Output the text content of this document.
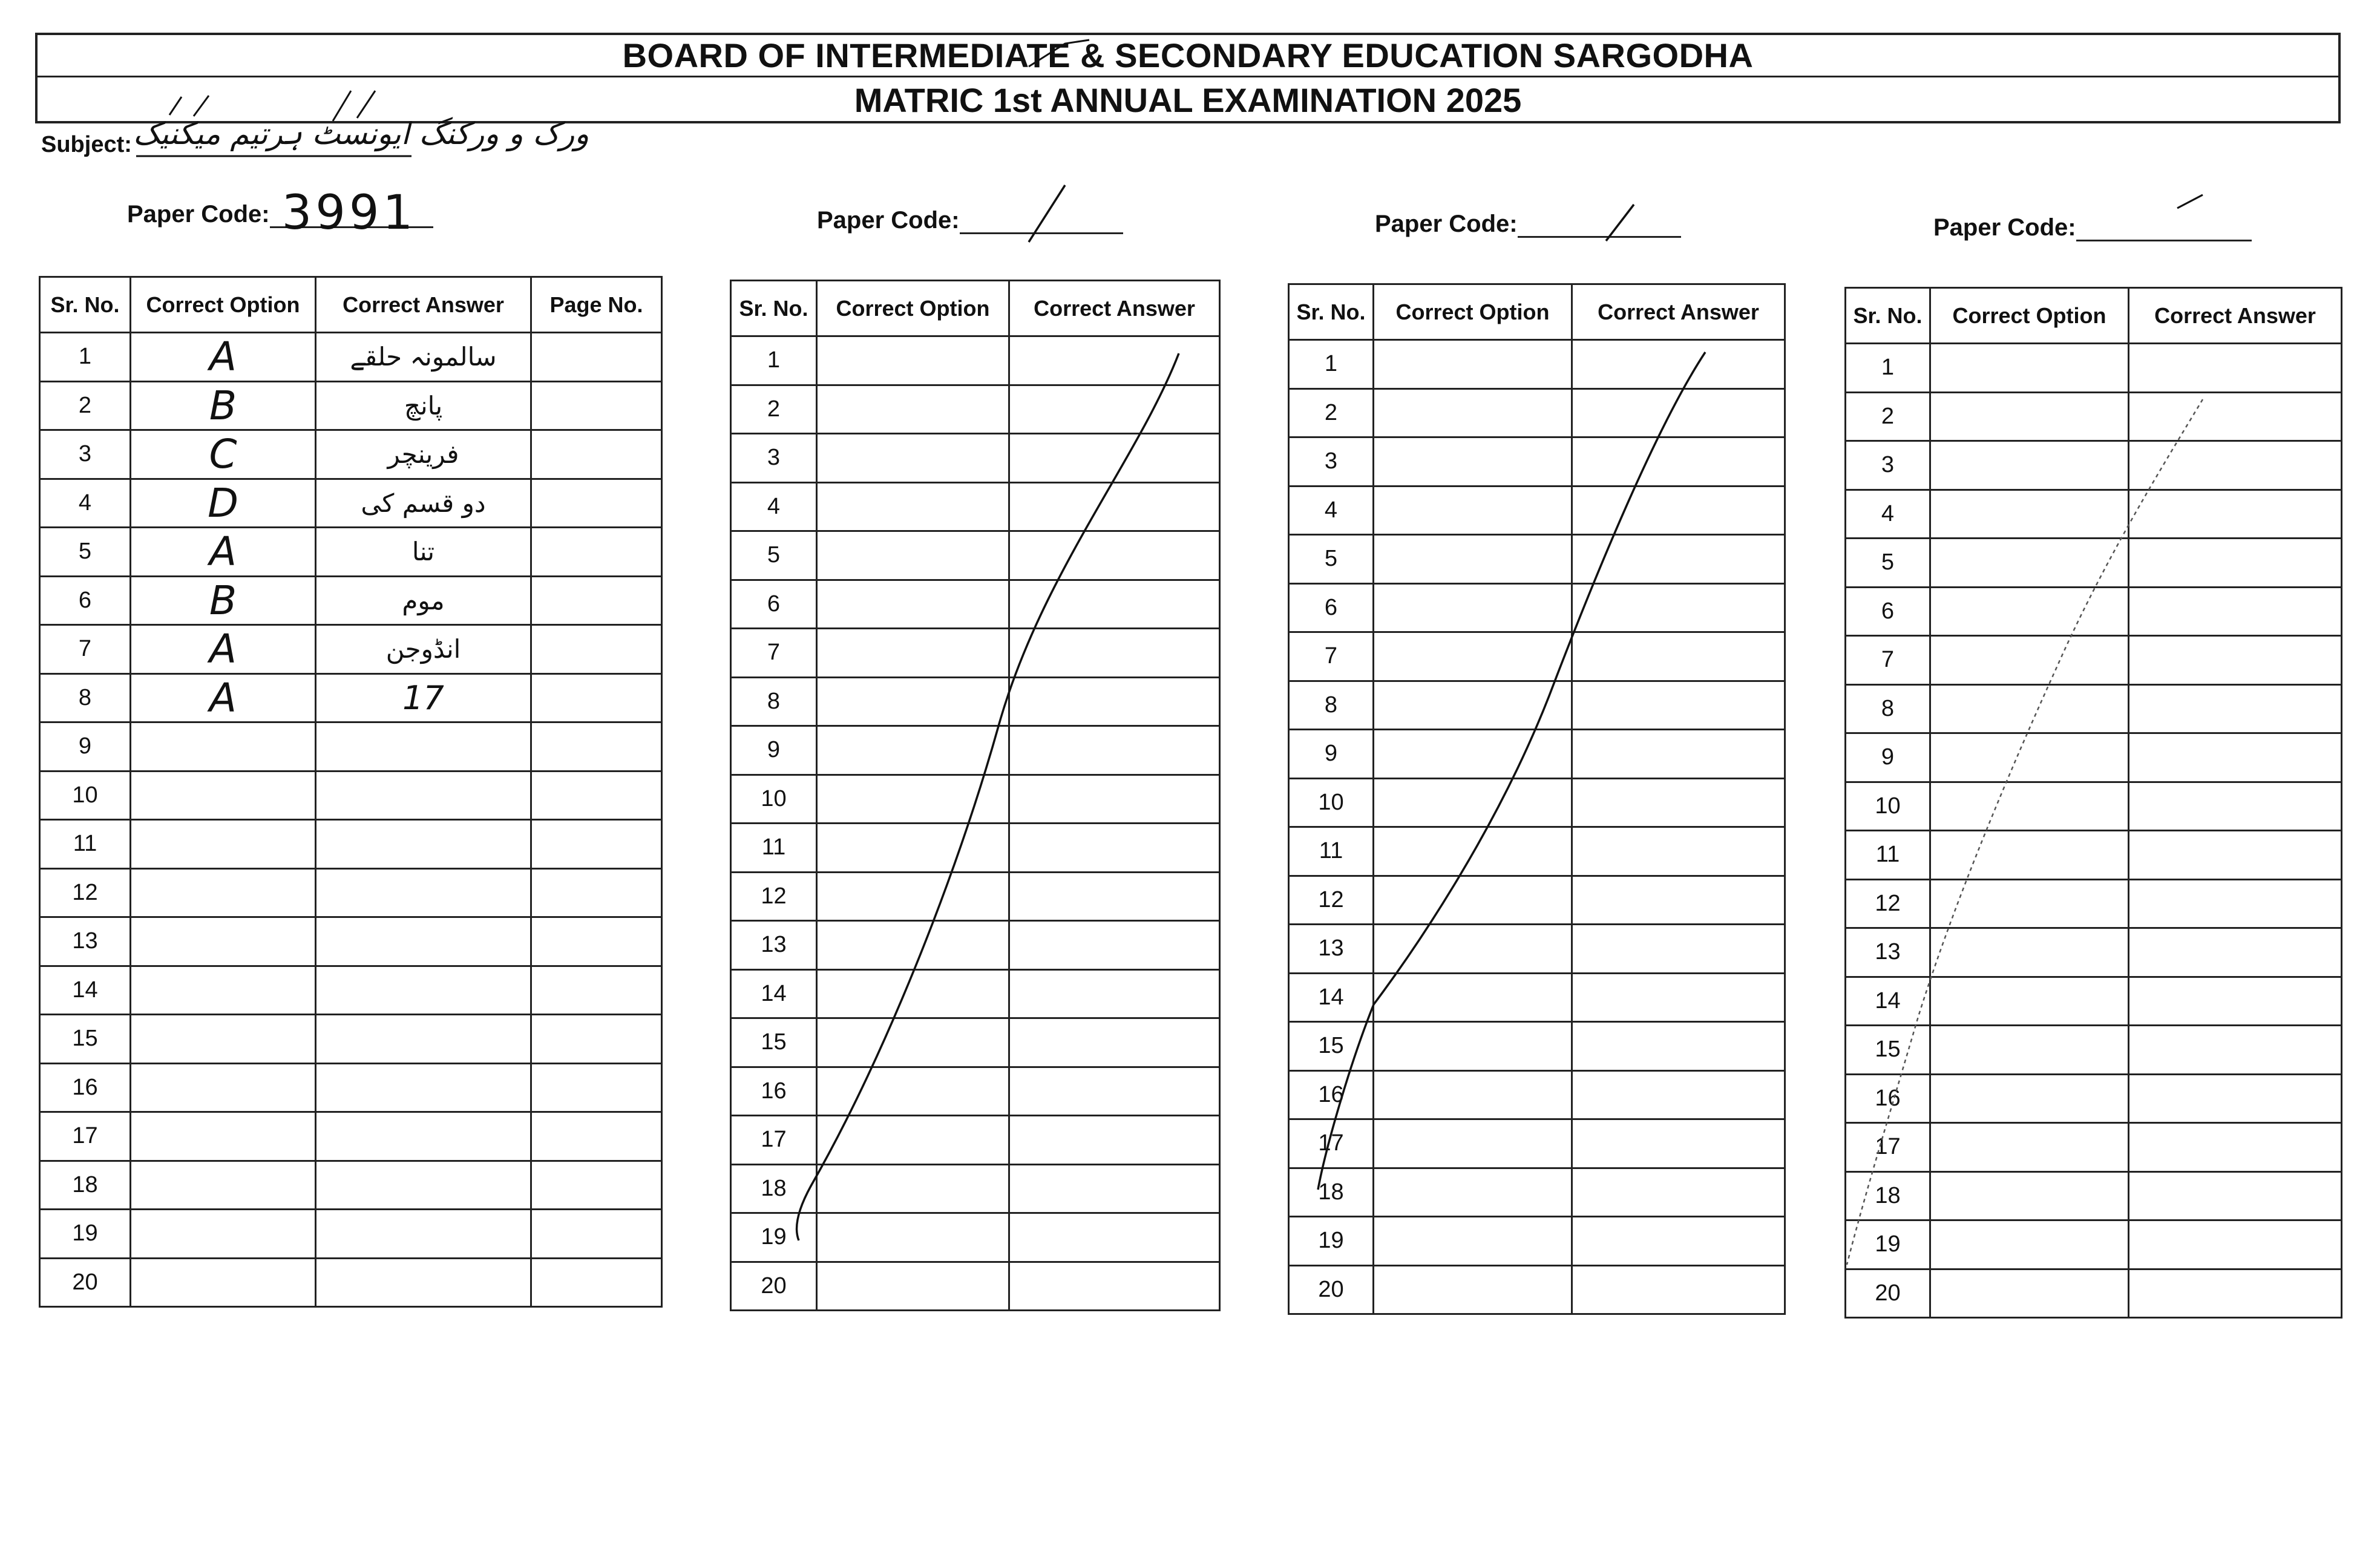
BOARD OF INTERMEDIATE & SECONDARY EDUCATION SARGODHA
MATRIC 1st ANNUAL EXAMINATION 2025
Subject: ورک و ورکنگ ایونسٹ ہرتیم میکنیک
Paper Code: 3991	Paper Code:	Paper Code:	Paper Code:
Sr. No.	Correct Option	Correct Answer	Page No.
1	A	سالمونہ حلقے	
2	B	پانچ	
3	C	فرینچر	
4	D	دو قسم کی	
5	A	تنا	
6	B	موم	
7	A	انڈوجن	
8	A	17	
9			
10			
11			
12			
13			
14			
15			
16			
17			
18			
19			
20			
Sr. No.	Correct Option	Correct Answer
1		
2		
3		
4		
5		
6		
7		
8		
9		
10		
11		
12		
13		
14		
15		
16		
17		
18		
19		
20		
Sr. No.	Correct Option	Correct Answer
1		
2		
3		
4		
5		
6		
7		
8		
9		
10		
11		
12		
13		
14		
15		
16		
17		
18		
19		
20		
Sr. No.	Correct Option	Correct Answer
1		
2		
3		
4		
5		
6		
7		
8		
9		
10		
11		
12		
13		
14		
15		
16		
17		
18		
19		
20		
